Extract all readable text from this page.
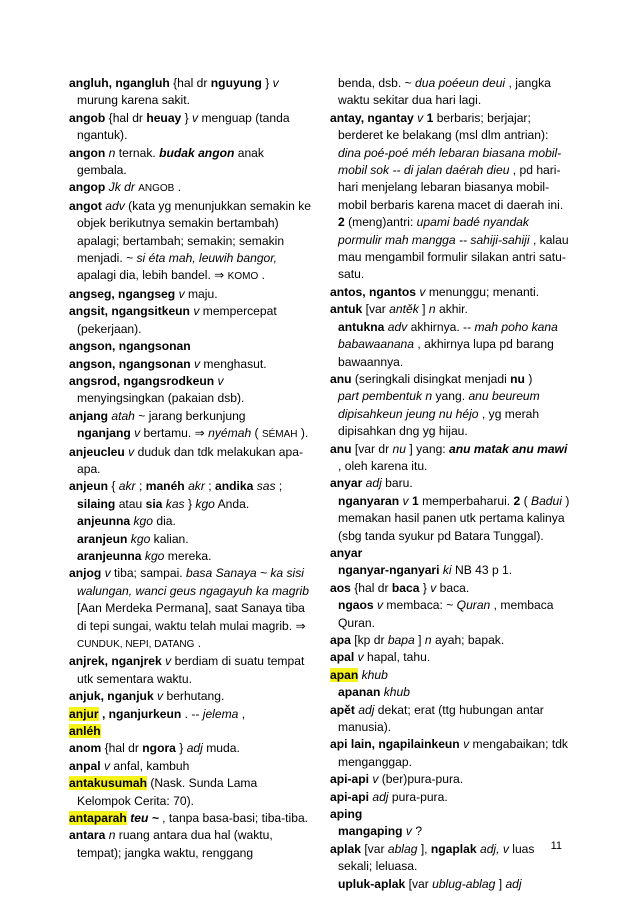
angluh, ngangluh {hal dr nguyung } v murung karena sakit.

angob {hal dr heuay } v menguap (tanda ngantuk).

angon n ternak. budak angon anak gembala.

angop Jk dr ANGOB .

angot adv (kata yg menunjukkan semakin ke objek berikutnya semakin bertambah) apalagi; bertambah; semakin; semakin menjadi. ~ si éta mah, leuwih bangor, apalagi dia, lebih bandel. ⇒ KOMO .

angseg, ngangseg v maju.

angsit, ngangsitkeun v mempercepat (pekerjaan).

angson, ngangsonan

angson, ngangsonan v menghasut.

angsrod, ngangsrodkeun v menyingsingkan (pakaian dsb).

anjang atah ~ jarang berkunjung

nganjang v bertamu. ⇒ nyémah ( SÉMAH ).

anjeucleu v duduk dan tdk melakukan apa-apa.

anjeun { akr ; manéh akr ; andika sas ;

silaing atau sia kas } kgo Anda.

anjeunna kgo dia.

aranjeun kgo kalian.

aranjeunna kgo mereka.

anjog v tiba; sampai. basa Sanaya ~ ka sisi walungan, wanci geus ngagayuh ka magrib [Aan Merdeka Permana], saat Sanaya tiba di tepi sungai, waktu telah mulai magrib. ⇒ CUNDUK, NEPI, DATANG .

anjrek, nganjrek v berdiam di suatu tempat utk sementara waktu.

anjuk, nganjuk v berhutang.

anjur , nganjurkeun . -- jelema ,

anléh

anom {hal dr ngora } adj muda.

anpal v anfal, kambuh

antakusumah (Nask. Sunda Lama Kelompok Cerita: 70).

antaparah teu ~ , tanpa basa-basi; tiba-tiba.

antara n ruang antara dua hal (waktu, tempat); jangka waktu, renggang

benda, dsb. ~ dua poéeun deui , jangka waktu sekitar dua hari lagi.

antay, ngantay v 1 berbaris; berjajar; berderet ke belakang (msl dlm antrian): dina poé-poé méh lebaran biasana mobil-mobil sok -- di jalan daérah dieu , pd hari-hari menjelang lebaran biasanya mobil-mobil berbaris karena macet di daerah ini. 2 (meng)antri: upami badé nyandak pormulir mah mangga -- sahiji-sahiji , kalau mau mengambil formulir silakan antri satu-satu.

antos, ngantos v menunggu; menanti.

antuk [var antěk ] n akhir.

antukna adv akhirnya. -- mah poho kana babawaanana , akhirnya lupa pd barang bawaannya.

anu (seringkali disingkat menjadi nu )

part pembentuk n yang. anu beureum dipisahkeun jeung nu héjo , yg merah dipisahkan dng yg hijau.

anu [var dr nu ] yang: anu matak anu mawi , oleh karena itu.

anyar adj baru.

nganyaran v 1 memperbaharui. 2 ( Badui ) memakan hasil panen utk pertama kalinya (sbg tanda syukur pd Batara Tunggal).

anyar

nganyar-nganyari ki NB 43 p 1.

aos {hal dr baca } v baca.

ngaos v membaca: ~ Quran , membaca Quran.

apa [kp dr bapa ] n ayah; bapak.

apal v hapal, tahu.

apan khub

apanan khub

apět adj dekat; erat (ttg hubungan antar manusia).

api lain, ngapilainkeun v mengabaikan; tdk menganggap.

api-api v (ber)pura-pura.

api-api adj pura-pura.

aping

mangaping v ?

aplak [var ablag ], ngaplak adj, v luas sekali; leluasa.

upluk-aplak [var ublug-ablag ] adj

11
